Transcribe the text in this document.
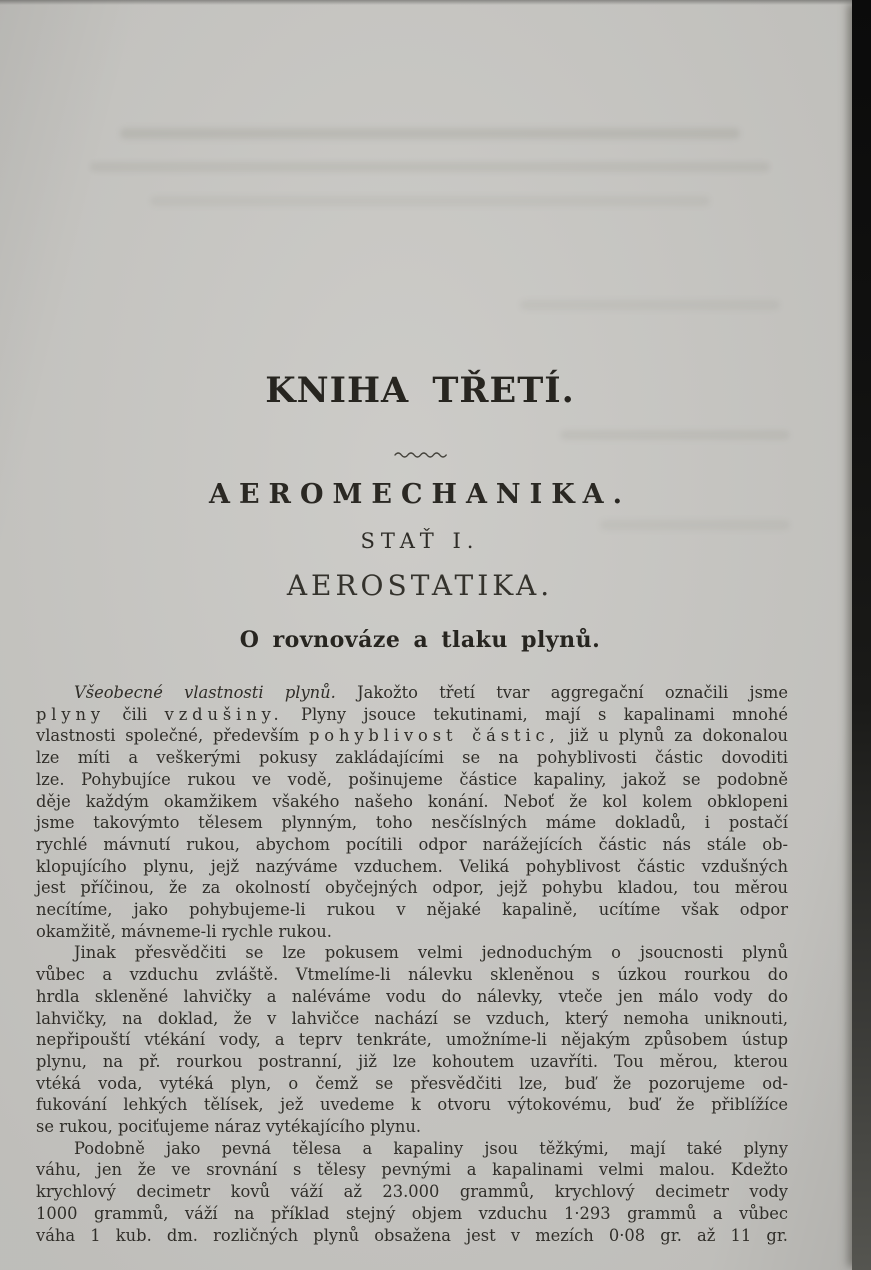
KNIHA TŘETÍ.
AEROMECHANIKA.
STAŤ I.
AEROSTATIKA.
O rovnováze a tlaku plynů.
Všeobecné vlastnosti plynů. Jakožto třetí tvar aggregační označili jsme
plyny čili vzdušiny. Plyny jsouce tekutinami, mají s kapalinami mnohé
vlastnosti společné, především pohyblivost částic, již u plynů za dokonalou
lze míti a veškerými pokusy zakládajícími se na pohyblivosti částic dovoditi
lze. Pohybujíce rukou ve vodě, pošinujeme částice kapaliny, jakož se podobně
děje každým okamžikem všakého našeho konání. Neboť že kol kolem obklopeni
jsme takovýmto tělesem plynným, toho nesčíslných máme dokladů, i postačí
rychlé mávnutí rukou, abychom pocítili odpor narážejících částic nás stále ob-
klopujícího plynu, jejž nazýváme vzduchem. Veliká pohyblivost částic vzdušných
jest příčinou, že za okolností obyčejných odpor, jejž pohybu kladou, tou měrou
necítíme, jako pohybujeme-li rukou v nějaké kapalině, ucítíme však odpor
okamžitě, mávneme-li rychle rukou.
Jinak přesvědčiti se lze pokusem velmi jednoduchým o jsoucnosti plynů
vůbec a vzduchu zvláště. Vtmelíme-li nálevku skleněnou s úzkou rourkou do
hrdla skleněné lahvičky a naléváme vodu do nálevky, vteče jen málo vody do
lahvičky, na doklad, že v lahvičce nachází se vzduch, který nemoha uniknouti,
nepřipouští vtékání vody, a teprv tenkráte, umožníme-li nějakým způsobem ústup
plynu, na př. rourkou postranní, již lze kohoutem uzavříti. Tou měrou, kterou
vtéká voda, vytéká plyn, o čemž se přesvědčiti lze, buď že pozorujeme od-
fukování lehkých tělísek, jež uvedeme k otvoru výtokovému, buď že přiblížíce
se rukou, pociťujeme náraz vytékajícího plynu.
Podobně jako pevná tělesa a kapaliny jsou těžkými, mají také plyny
váhu, jen že ve srovnání s tělesy pevnými a kapalinami velmi malou. Kdežto
krychlový decimetr kovů váží až 23.000 grammů, krychlový decimetr vody
1000 grammů, váží na příklad stejný objem vzduchu 1·293 grammů a vůbec
váha 1 kub. dm. rozličných plynů obsažena jest v mezích 0·08 gr. až 11 gr.
